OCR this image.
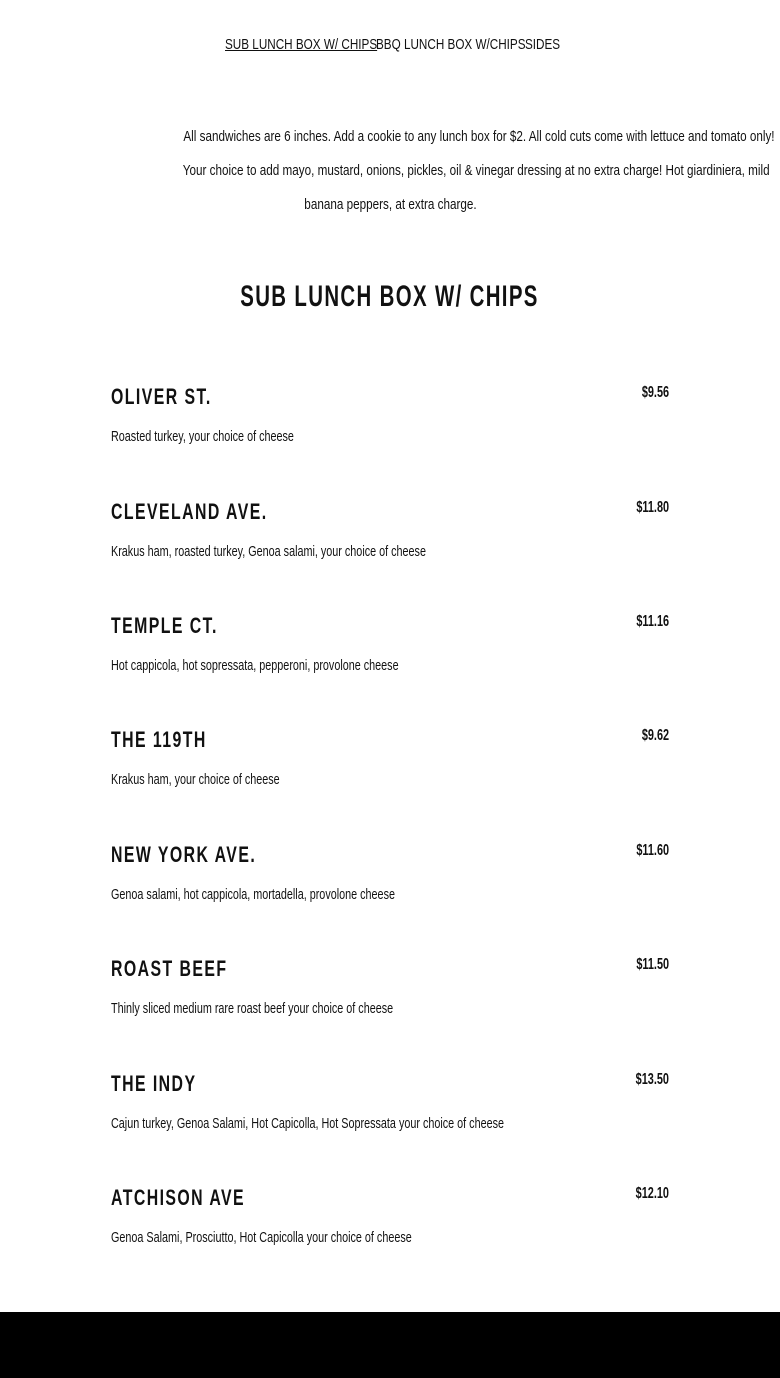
SUB LUNCH BOX W/ CHIPS
BBQ LUNCH BOX W/CHIPS SIDES
All sandwiches are 6 inches. Add a cookie to any lunch box for $2. All cold cuts come with lettuce and tomato only!
Your choice to add mayo, mustard, onions, pickles, oil & vinegar dressing at no extra charge! Hot giardiniera, mild
banana peppers, at extra charge.
SUB LUNCH BOX W/ CHIPS
OLIVER ST.	$9.56
Roasted turkey, your choice of cheese
CLEVELAND AVE.	$11.80
Krakus ham, roasted turkey, Genoa salami, your choice of cheese
TEMPLE CT.	$11.16
Hot cappicola, hot sopressata, pepperoni, provolone cheese
THE 119TH	$9.62
Krakus ham, your choice of cheese
NEW YORK AVE.	$11.60
Genoa salami, hot cappicola, mortadella, provolone cheese
ROAST BEEF	$11.50
Thinly sliced medium rare roast beef your choice of cheese
THE INDY	$13.50
Cajun turkey, Genoa Salami, Hot Capicolla, Hot Sopressata your choice of cheese
ATCHISON AVE	$12.10
Genoa Salami, Prosciutto, Hot Capicolla your choice of cheese
